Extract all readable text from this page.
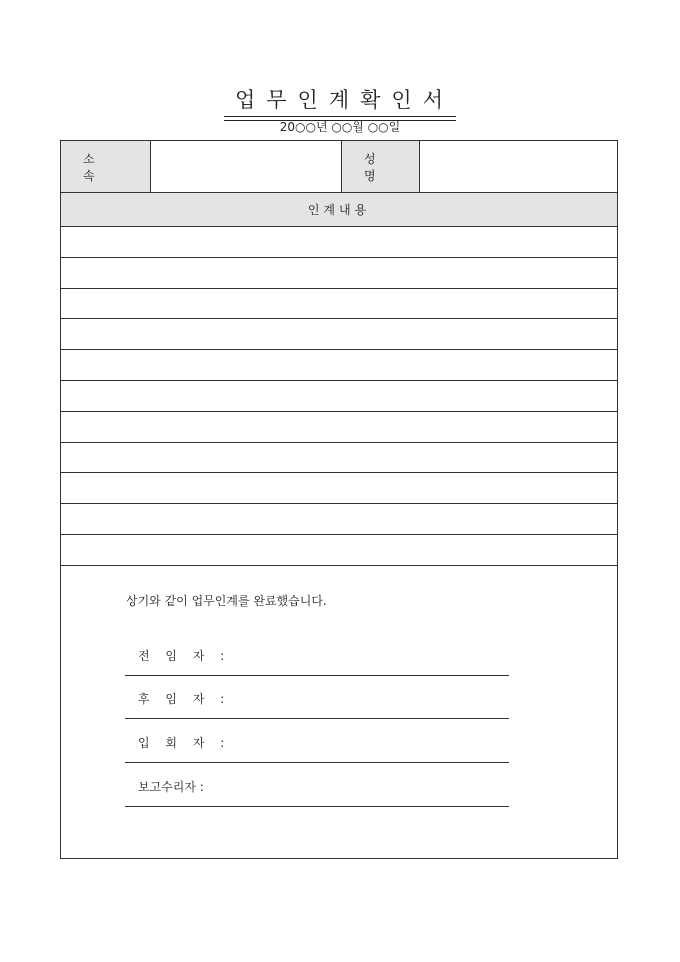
업무인계확인서
20○○년 ○○월 ○○일
소 속
성 명
인계내용
상기와 같이 업무인계를 완료했습니다.
전 임 자 :
후 임 자 :
입 회 자 :
보고수리자 :
